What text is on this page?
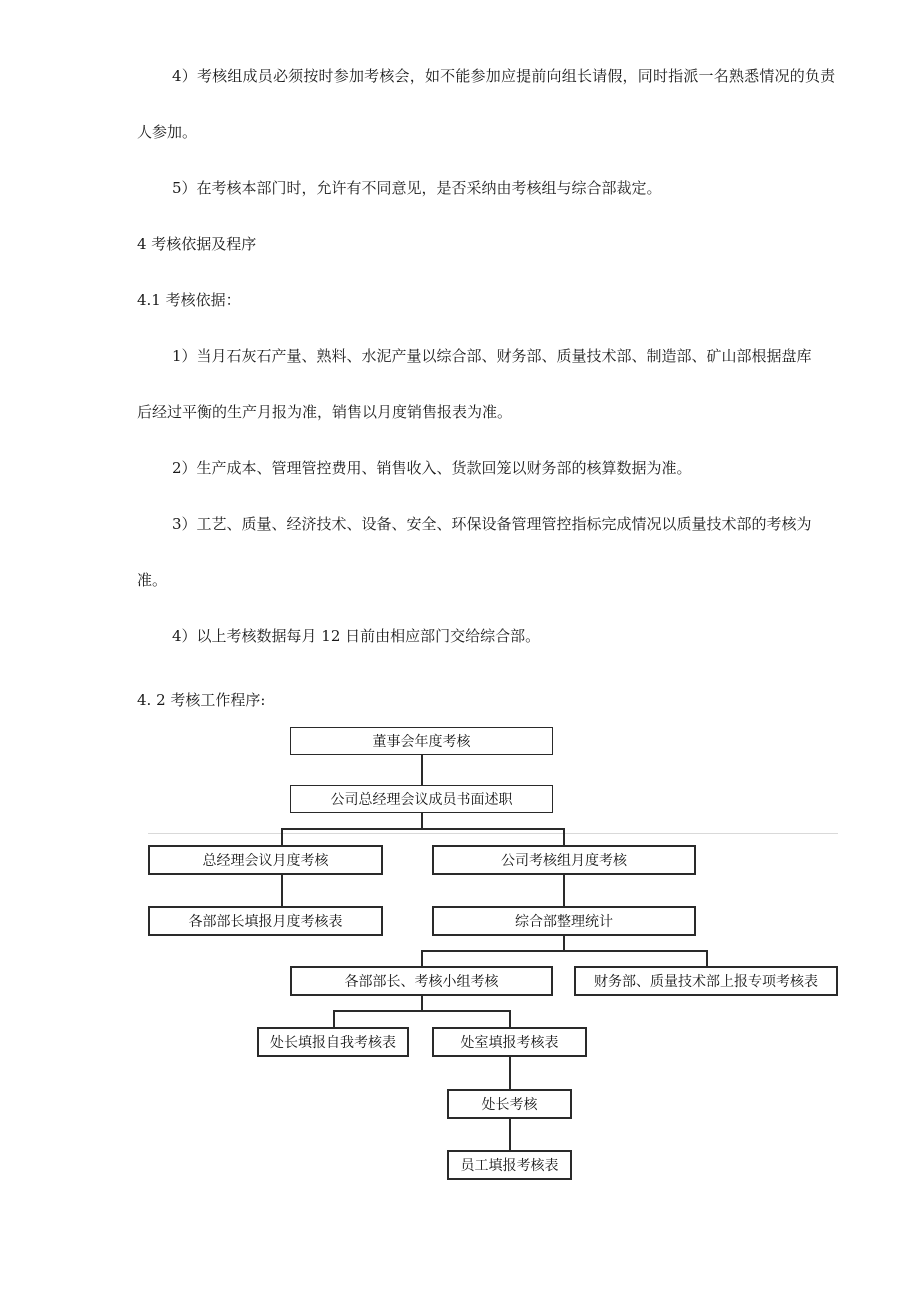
4）考核组成员必须按时参加考核会，如不能参加应提前向组长请假，同时指派一名熟悉情况的负责
人参加。
5）在考核本部门时，允许有不同意见，是否采纳由考核组与综合部裁定。
4 考核依据及程序
4.1 考核依据：
1）当月石灰石产量、熟料、水泥产量以综合部、财务部、质量技术部、制造部、矿山部根据盘库
后经过平衡的生产月报为准，销售以月度销售报表为准。
2）生产成本、管理管控费用、销售收入、货款回笼以财务部的核算数据为准。
3）工艺、质量、经济技术、设备、安全、环保设备管理管控指标完成情况以质量技术部的考核为
准。
4）以上考核数据每月 12 日前由相应部门交给综合部。
4. 2 考核工作程序:
董事会年度考核
公司总经理会议成员书面述职
总经理会议月度考核	公司考核组月度考核
各部部长填报月度考核表	综合部整理统计
各部部长、考核小组考核	财务部、质量技术部上报专项考核表
处长填报自我考核表	处室填报考核表
处长考核
员工填报考核表
